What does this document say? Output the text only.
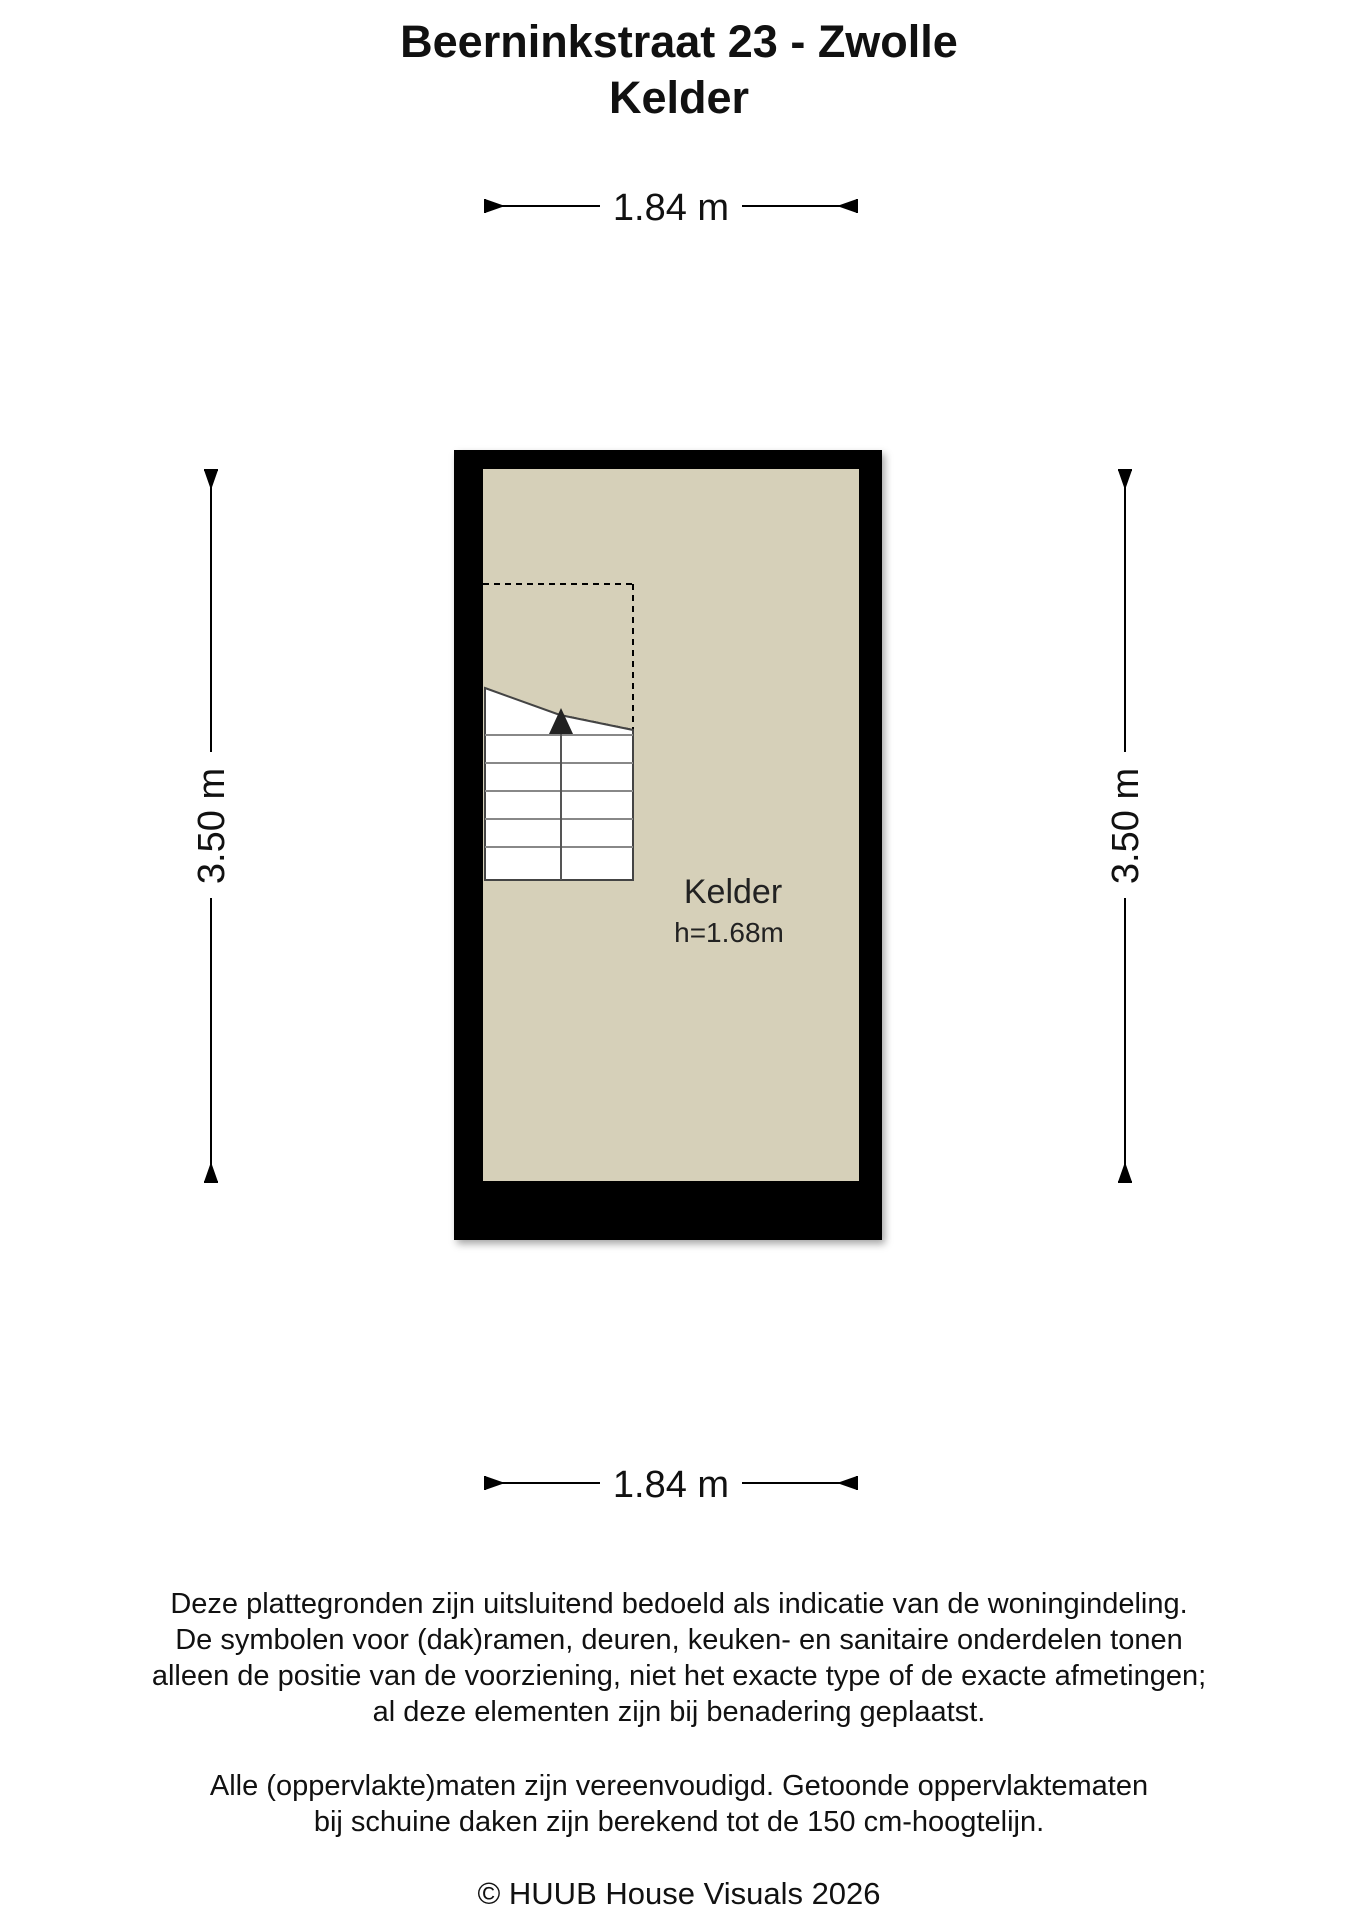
Beerninkstraat 23 - Zwolle
Kelder
1.84 m
3.50 m	3.50 m
Kelder
h=1.68m
1.84 m
Deze plattegronden zijn uitsluitend bedoeld als indicatie van de woningindeling.
De symbolen voor (dak)ramen, deuren, keuken- en sanitaire onderdelen tonen
alleen de positie van de voorziening, niet het exacte type of de exacte afmetingen;
al deze elementen zijn bij benadering geplaatst.
Alle (oppervlakte)maten zijn vereenvoudigd. Getoonde oppervlaktematen
bij schuine daken zijn berekend tot de 150 cm-hoogtelijn.
© HUUB House Visuals 2026
